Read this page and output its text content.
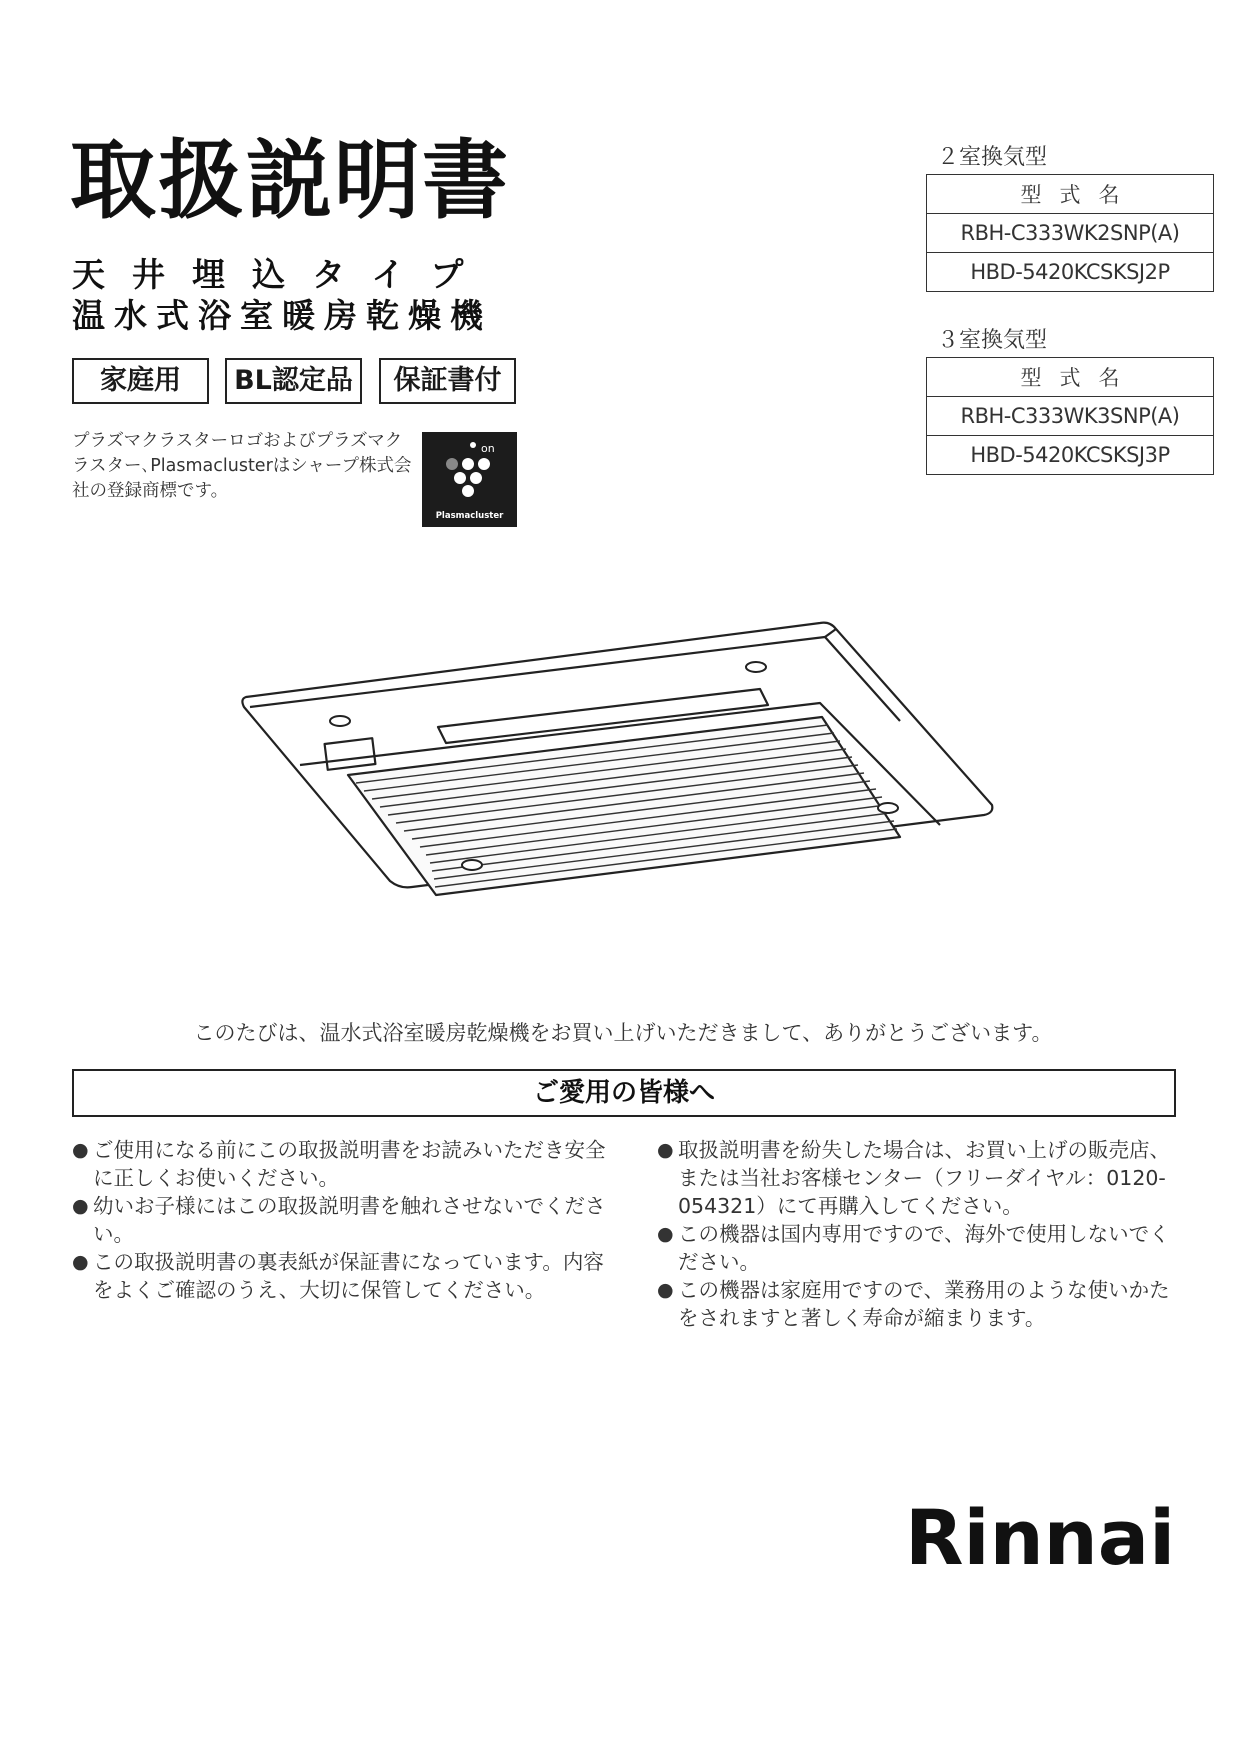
取扱説明書
天井埋込タイプ
温水式浴室暖房乾燥機
家庭用	BL認定品	保証書付
プラズマクラスターロゴおよびプラズマクラスター､Plasmaclusterはシャープ株式会社の登録商標です。
on
Plasmacluster
２室換気型
型式名
RBH-C333WK2SNP(A)
HBD-5420KCSKSJ2P
３室換気型
型式名
RBH-C333WK3SNP(A)
HBD-5420KCSKSJ3P
このたびは、温水式浴室暖房乾燥機をお買い上げいただきまして、ありがとうございます。
ご愛用の皆様へ
● ご使用になる前にこの取扱説明書をお読みいただき安全に正しくお使いください。
● 幼いお子様にはこの取扱説明書を触れさせないでください。
● この取扱説明書の裏表紙が保証書になっています。内容をよくご確認のうえ、大切に保管してください。
● 取扱説明書を紛失した場合は、お買い上げの販売店、または当社お客様センター（フリーダイヤル：0120-054321）にて再購入してください。
● この機器は国内専用ですので、海外で使用しないでください。
● この機器は家庭用ですので、業務用のような使いかたをされますと著しく寿命が縮まります。
Rinnai
